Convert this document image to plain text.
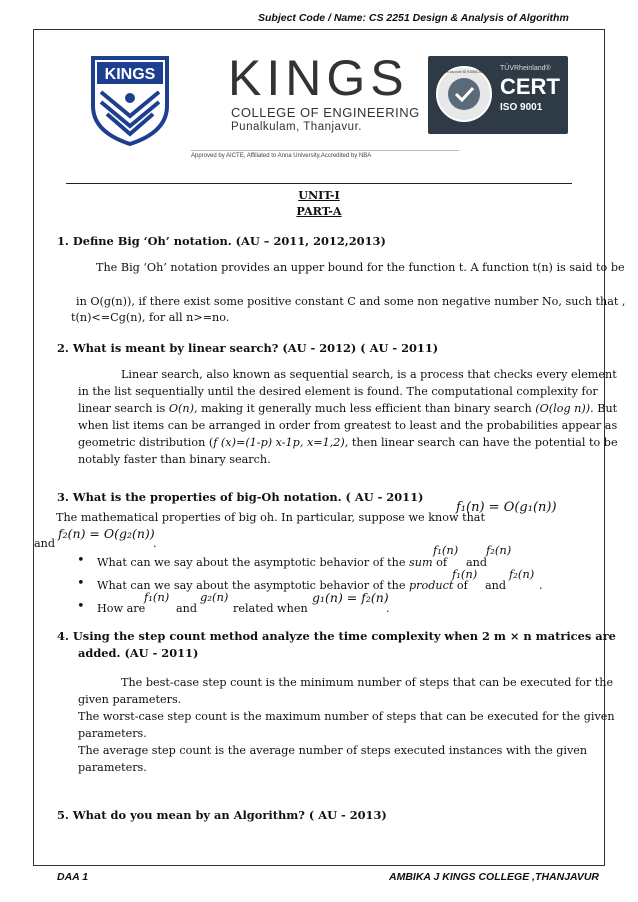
Subject Code / Name: CS 2251 Design & Analysis of Algorithm
KINGS KINGS
COLLEGE OF ENGINEERING
Punalkulam, Thanjavur.
Approved by AICTE, Affiliated to Anna University,Accredited by NBA
www.tuv.com ID 9105015181 TÜVRheinland®
CERT
ISO 9001
UNIT-I
PART-A
1. Define Big ‘Oh’ notation. (AU – 2011, 2012,2013)
The Big ‘Oh’ notation provides an upper bound for the function t. A function t(n) is said to be
in O(g(n)), if there exist some positive constant C and some non negative number No, such that ,
t(n)<=Cg(n), for all n>=no.
2. What is meant by linear search? (AU - 2012) ( AU - 2011)
Linear search, also known as sequential search, is a process that checks every element
in the list sequentially until the desired element is found. The computational complexity for
linear search is O(n), making it generally much less efficient than binary search (O(log n)). But
when list items can be arranged in order from greatest to least and the probabilities appear as
geometric distribution (f (x)=(1-p) x-1p, x=1,2), then linear search can have the potential to be
notably faster than binary search.
3. What is the properties of big-Oh notation. ( AU - 2011)
f₁(n) = O(g₁(n))
The mathematical properties of big oh. In particular, suppose we know that
and
f₂(n) = O(g₂(n))
.
• What can we say about the asymptotic behavior of the sum of
f₁(n)
and
f₂(n)
• What can we say about the asymptotic behavior of the product of
f₁(n)
and
f₂(n)
.
• How are
f₁(n)
and
g₂(n)
related when
g₁(n) = f₂(n)
.
4. Using the step count method analyze the time complexity when 2 m × n matrices are
added. (AU - 2011)
The best-case step count is the minimum number of steps that can be executed for the
given parameters.
The worst-case step count is the maximum number of steps that can be executed for the given
parameters.
The average step count is the average number of steps executed instances with the given
parameters.
5. What do you mean by an Algorithm? ( AU - 2013)
DAA 1	AMBIKA J KINGS COLLEGE ,THANJAVUR
